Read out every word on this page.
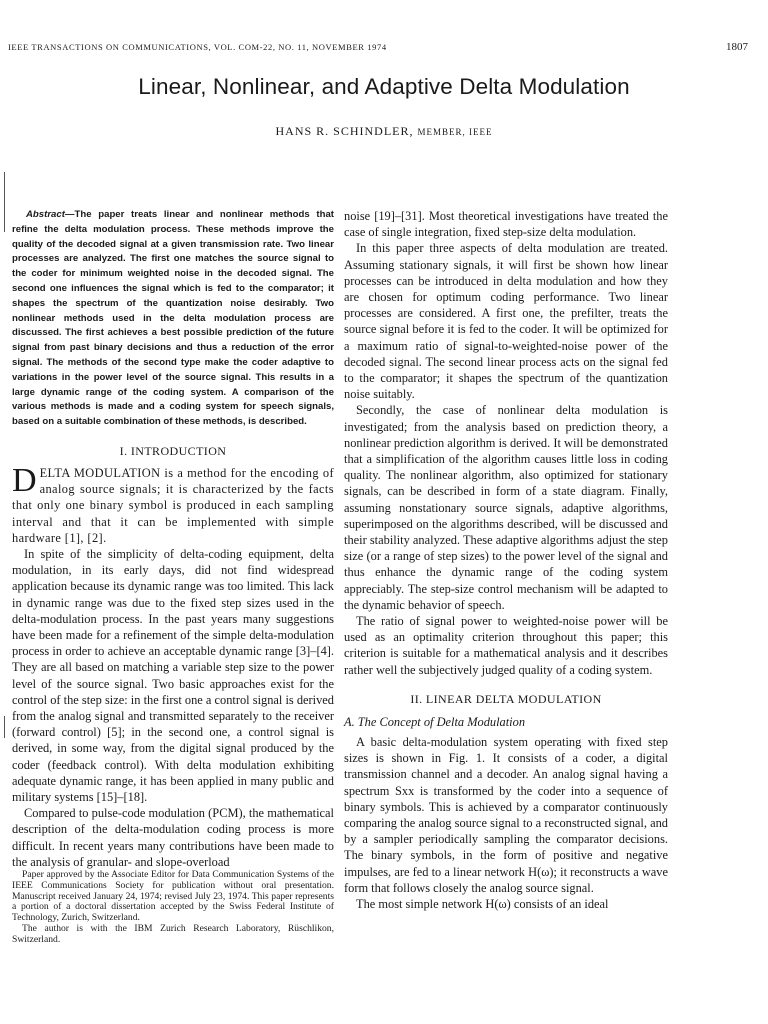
IEEE TRANSACTIONS ON COMMUNICATIONS, VOL. COM-22, NO. 11, NOVEMBER 1974	1807
Linear, Nonlinear, and Adaptive Delta Modulation
HANS R. SCHINDLER, MEMBER, IEEE

Abstract—The paper treats linear and nonlinear methods that refine the delta modulation process. These methods improve the quality of the decoded signal at a given transmission rate. Two linear processes are analyzed. The first one matches the source signal to the coder for minimum weighted noise in the decoded signal. The second one influences the signal which is fed to the comparator; it shapes the spectrum of the quantization noise desirably. Two nonlinear methods used in the delta modulation process are discussed. The first achieves a best possible prediction of the future signal from past binary decisions and thus a reduction of the error signal. The methods of the second type make the coder adaptive to variations in the power level of the source signal. This results in a large dynamic range of the coding system. A comparison of the various methods is made and a coding system for speech signals, based on a suitable combination of these methods, is described.

I. INTRODUCTION

DELTA MODULATION is a method for the encoding of analog source signals; it is characterized by the facts that only one binary symbol is produced in each sampling interval and that it can be implemented with simple hardware [1], [2].

In spite of the simplicity of delta-coding equipment, delta modulation, in its early days, did not find widespread application because its dynamic range was too limited. This lack in dynamic range was due to the fixed step sizes used in the delta-modulation process. In the past years many suggestions have been made for a refinement of the simple delta-modulation process in order to achieve an acceptable dynamic range [3]–[4]. They are all based on matching a variable step size to the power level of the source signal. Two basic approaches exist for the control of the step size: in the first one a control signal is derived from the analog signal and transmitted separately to the receiver (forward control) [5]; in the second one, a control signal is derived, in some way, from the digital signal produced by the coder (feedback control). With delta modulation exhibiting adequate dynamic range, it has been applied in many public and military systems [15]–[18].

Compared to pulse-code modulation (PCM), the mathematical description of the delta-modulation coding process is more difficult. In recent years many contributions have been made to the analysis of granular- and slope-overload

Paper approved by the Associate Editor for Data Communication Systems of the IEEE Communications Society for publication without oral presentation. Manuscript received January 24, 1974; revised July 23, 1974. This paper represents a portion of a doctoral dissertation accepted by the Swiss Federal Institute of Technology, Zurich, Switzerland.

The author is with the IBM Zurich Research Laboratory, Rüschlikon, Switzerland.

noise [19]–[31]. Most theoretical investigations have treated the case of single integration, fixed step-size delta modulation.

In this paper three aspects of delta modulation are treated. Assuming stationary signals, it will first be shown how linear processes can be introduced in delta modulation and how they are chosen for optimum coding performance. Two linear processes are considered. A first one, the prefilter, treats the source signal before it is fed to the coder. It will be optimized for a maximum ratio of signal-to-weighted-noise power of the decoded signal. The second linear process acts on the signal fed to the comparator; it shapes the spectrum of the quantization noise suitably.

Secondly, the case of nonlinear delta modulation is investigated; from the analysis based on prediction theory, a nonlinear prediction algorithm is derived. It will be demonstrated that a simplification of the algorithm causes little loss in coding quality. The nonlinear algorithm, also optimized for stationary signals, can be described in form of a state diagram. Finally, assuming nonstationary source signals, adaptive algorithms, superimposed on the algorithms described, will be discussed and their stability analyzed. These adaptive algorithms adjust the step size (or a range of step sizes) to the power level of the signal and thus enhance the dynamic range of the coding system appreciably. The step-size control mechanism will be adapted to the dynamic behavior of speech.

The ratio of signal power to weighted-noise power will be used as an optimality criterion throughout this paper; this criterion is suitable for a mathematical analysis and it describes rather well the subjectively judged quality of a coding system.

II. LINEAR DELTA MODULATION
A. The Concept of Delta Modulation

A basic delta-modulation system operating with fixed step sizes is shown in Fig. 1. It consists of a coder, a digital transmission channel and a decoder. An analog signal having a spectrum Sxx is transformed by the coder into a sequence of binary symbols. This is achieved by a comparator continuously comparing the analog source signal to a reconstructed signal, and by a sampler periodically sampling the comparator decisions. The binary symbols, in the form of positive and negative impulses, are fed to a linear network H(ω); it reconstructs a wave form that follows closely the analog source signal.

The most simple network H(ω) consists of an ideal
